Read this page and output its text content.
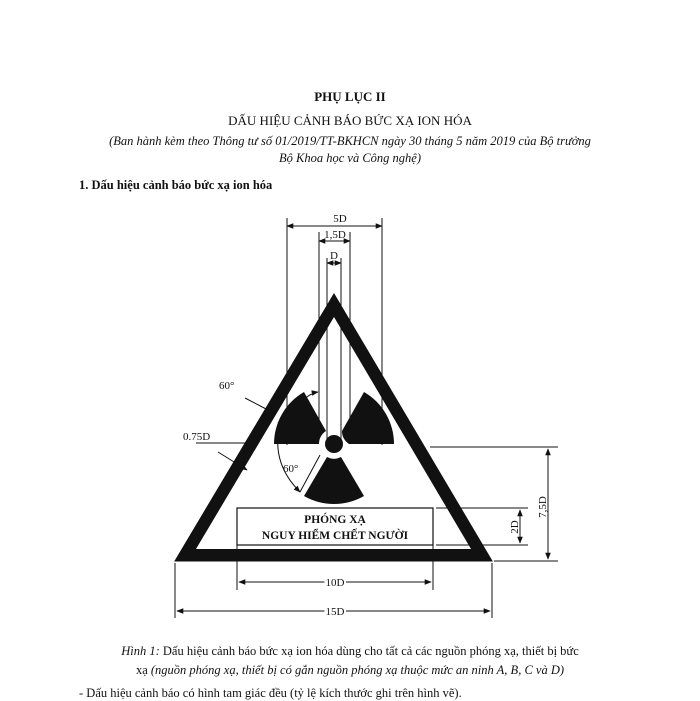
PHỤ LỤC II
DẤU HIỆU CẢNH BÁO BỨC XẠ ION HÓA
(Ban hành kèm theo Thông tư số 01/2019/TT-BKHCN ngày 30 tháng 5 năm 2019 của Bộ trưởng
Bộ Khoa học và Công nghệ)
1. Dấu hiệu cảnh báo bức xạ ion hóa
5D
1,5D
D
60°
60°
0.75D
PHÓNG XẠ
NGUY HIỂM CHẾT NGƯỜI
7,5D
2D
10D
15D
Hình 1: Dấu hiệu cảnh báo bức xạ ion hóa dùng cho tất cả các nguồn phóng xạ, thiết bị bức
xạ (nguồn phóng xạ, thiết bị có gắn nguồn phóng xạ thuộc mức an ninh A, B, C và D)
- Dấu hiệu cảnh báo có hình tam giác đều (tỷ lệ kích thước ghi trên hình vẽ).
